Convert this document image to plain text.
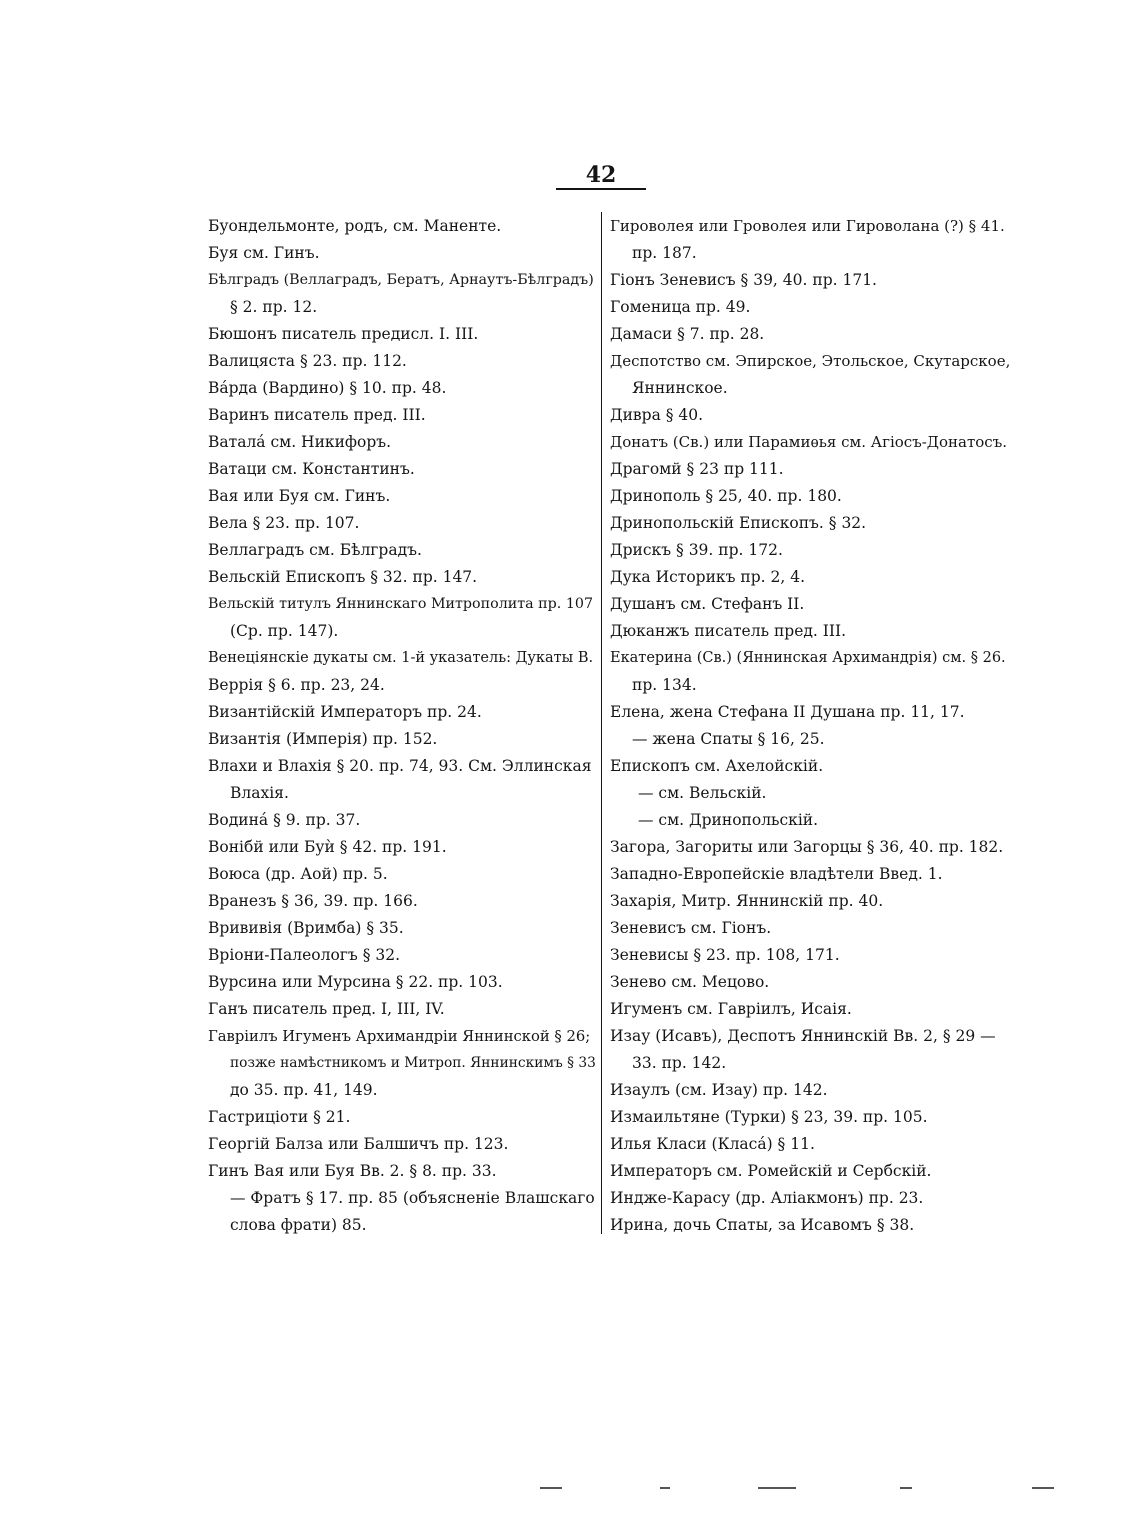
42
Буондельмонте, родъ, см. Маненте.
Буя см. Гинъ.
Бѣлградъ (Веллаградъ, Бератъ, Арнаутъ-Бѣлградъ)
§ 2. пр. 12.
Бюшонъ писатель предисл. I. III.
Валицяста § 23. пр. 112.
Ва́рда (Вардино) § 10. пр. 48.
Варинъ писатель пред. III.
Ватала́ см. Никифоръ.
Ватаци см. Константинъ.
Вая или Буя см. Гинъ.
Вела § 23. пр. 107.
Веллаградъ см. Бѣлградъ.
Вельскій Епископъ § 32. пр. 147.
Вельскій титулъ Яннинскаго Митрополита пр. 107
(Ср. пр. 147).
Венеціянскіе дукаты см. 1-й указатель: Дукаты В.
Веррія § 6. пр. 23, 24.
Византійскій Императоръ пр. 24.
Византія (Имперія) пр. 152.
Влахи и Влахія § 20. пр. 74, 93. См. Эллинская
Влахія.
Водина́ § 9. пр. 37.
Вонібй или Буѝ § 42. пр. 191.
Воюса (др. Аой) пр. 5.
Вранезъ § 36, 39. пр. 166.
Врививія (Вримба) § 35.
Вріони-Палеологъ § 32.
Вурсина или Мурсина § 22. пр. 103.
Ганъ писатель пред. I, III, IV.
Гавріилъ Игуменъ Архимандріи Яннинской § 26;
позже намѣстникомъ и Митроп. Яннинскимъ § 33
до 35. пр. 41, 149.
Гастриціоти § 21.
Георгій Балза или Балшичъ пр. 123.
Гинъ Вая или Буя Вв. 2. § 8. пр. 33.
— Фратъ § 17. пр. 85 (объясненіе Влашскаго
слова фрати) 85.
Гироволея или Гроволея или Гироволана (?) § 41.
пр. 187.
Гіонъ Зеневисъ § 39, 40. пр. 171.
Гоменица пр. 49.
Дамаси § 7. пр. 28.
Деспотство см. Эпирское, Этольское, Скутарское,
Яннинское.
Дивра § 40.
Донатъ (Св.) или Парамиѳья см. Агіосъ-Донатосъ.
Драгомй § 23 пр 111.
Дринополь § 25, 40. пр. 180.
Дринопольскій Епископъ. § 32.
Дрискъ § 39. пр. 172.
Дука Историкъ пр. 2, 4.
Душанъ см. Стефанъ II.
Дюканжъ писатель пред. III.
Екатерина (Св.) (Яннинская Архимандрія) см. § 26.
пр. 134.
Елена, жена Стефана II Душана пр. 11, 17.
— жена Спаты § 16, 25.
Епископъ см. Ахелойскій.
— см. Вельскій.
— см. Дринопольскій.
Загора, Загориты или Загорцы § 36, 40. пр. 182.
Западно-Европейскіе владѣтели Введ. 1.
Захарія, Митр. Яннинскій пр. 40.
Зеневисъ см. Гіонъ.
Зеневисы § 23. пр. 108, 171.
Зенево см. Мецово.
Игуменъ см. Гавріилъ, Исаія.
Изау (Исавъ), Деспотъ Яннинскій Вв. 2, § 29 —
33. пр. 142.
Изаулъ (см. Изау) пр. 142.
Измаильтяне (Турки) § 23, 39. пр. 105.
Илья Класи (Класа́) § 11.
Императоръ см. Ромейскій и Сербскій.
Индже-Карасу (др. Аліакмонъ) пр. 23.
Ирина, дочь Спаты, за Исавомъ § 38.
